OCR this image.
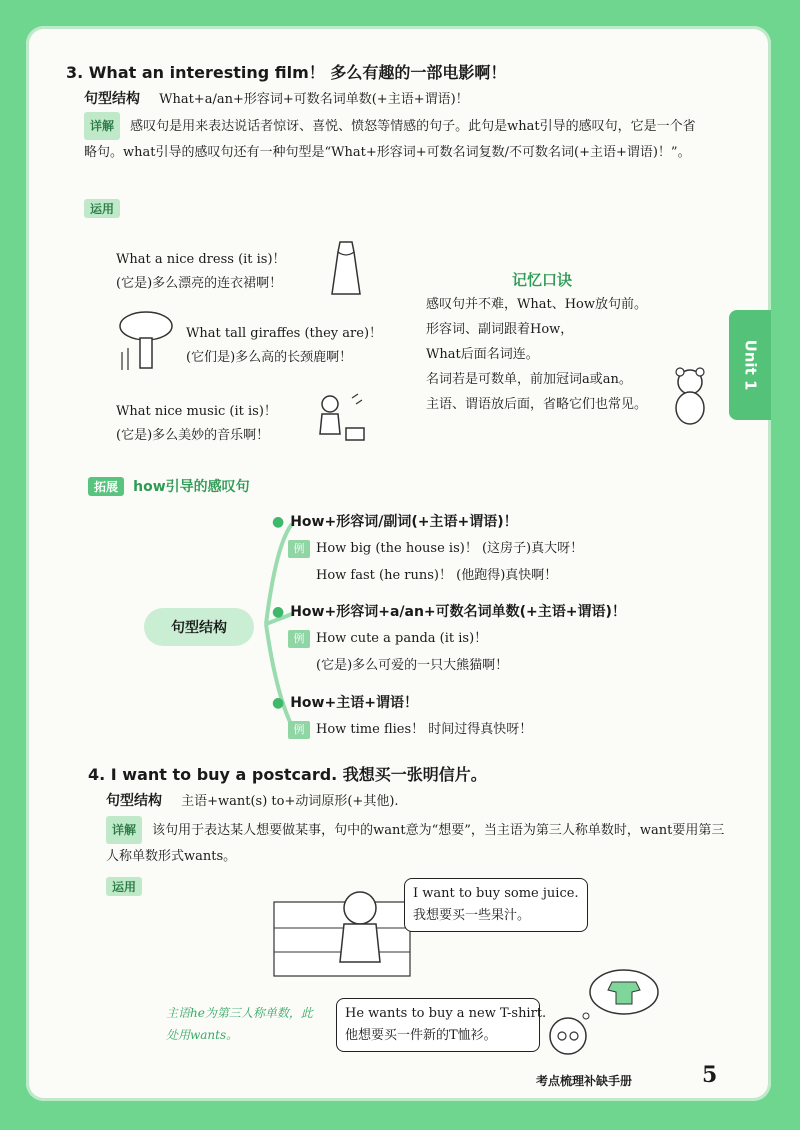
Unit 1
3. What an interesting film！ 多么有趣的一部电影啊！
句型结构 What+a/an+形容词+可数名词单数(+主语+谓语)！
详解 感叹句是用来表达说话者惊讶、喜悦、愤怒等情感的句子。此句是what引导的感叹句，它是一个省略句。what引导的感叹句还有一种句型是“What+形容词+可数名词复数/不可数名词(+主语+谓语)！”。
运用
What a nice dress (it is)！
(它是)多么漂亮的连衣裙啊！
What tall giraffes (they are)！
(它们是)多么高的长颈鹿啊！
What nice music (it is)！
(它是)多么美妙的音乐啊！
记忆口诀
感叹句并不难，What、How放句前。
形容词、副词跟着How，
What后面名词连。
名词若是可数单，前加冠词a或an。
主语、谓语放后面，省略它们也常见。
拓展 how引导的感叹句
句型结构
● How+形容词/副词(+主语+谓语)！
例 How big (the house is)！ (这房子)真大呀！
How fast (he runs)！ (他跑得)真快啊！
● How+形容词+a/an+可数名词单数(+主语+谓语)！
例 How cute a panda (it is)！
(它是)多么可爱的一只大熊猫啊！
● How+主语+谓语！
例 How time flies！ 时间过得真快呀！
4. I want to buy a postcard. 我想买一张明信片。
句型结构 主语+want(s) to+动词原形(+其他).
详解 该句用于表达某人想要做某事，句中的want意为“想要”，当主语为第三人称单数时，want要用第三人称单数形式wants。
运用	I want to buy some juice.
我想要买一些果汁。
主语he为第三人称单数，此处用wants。
He wants to buy a new T-shirt.
他想要买一件新的T恤衫。
考点梳理补缺手册	5
